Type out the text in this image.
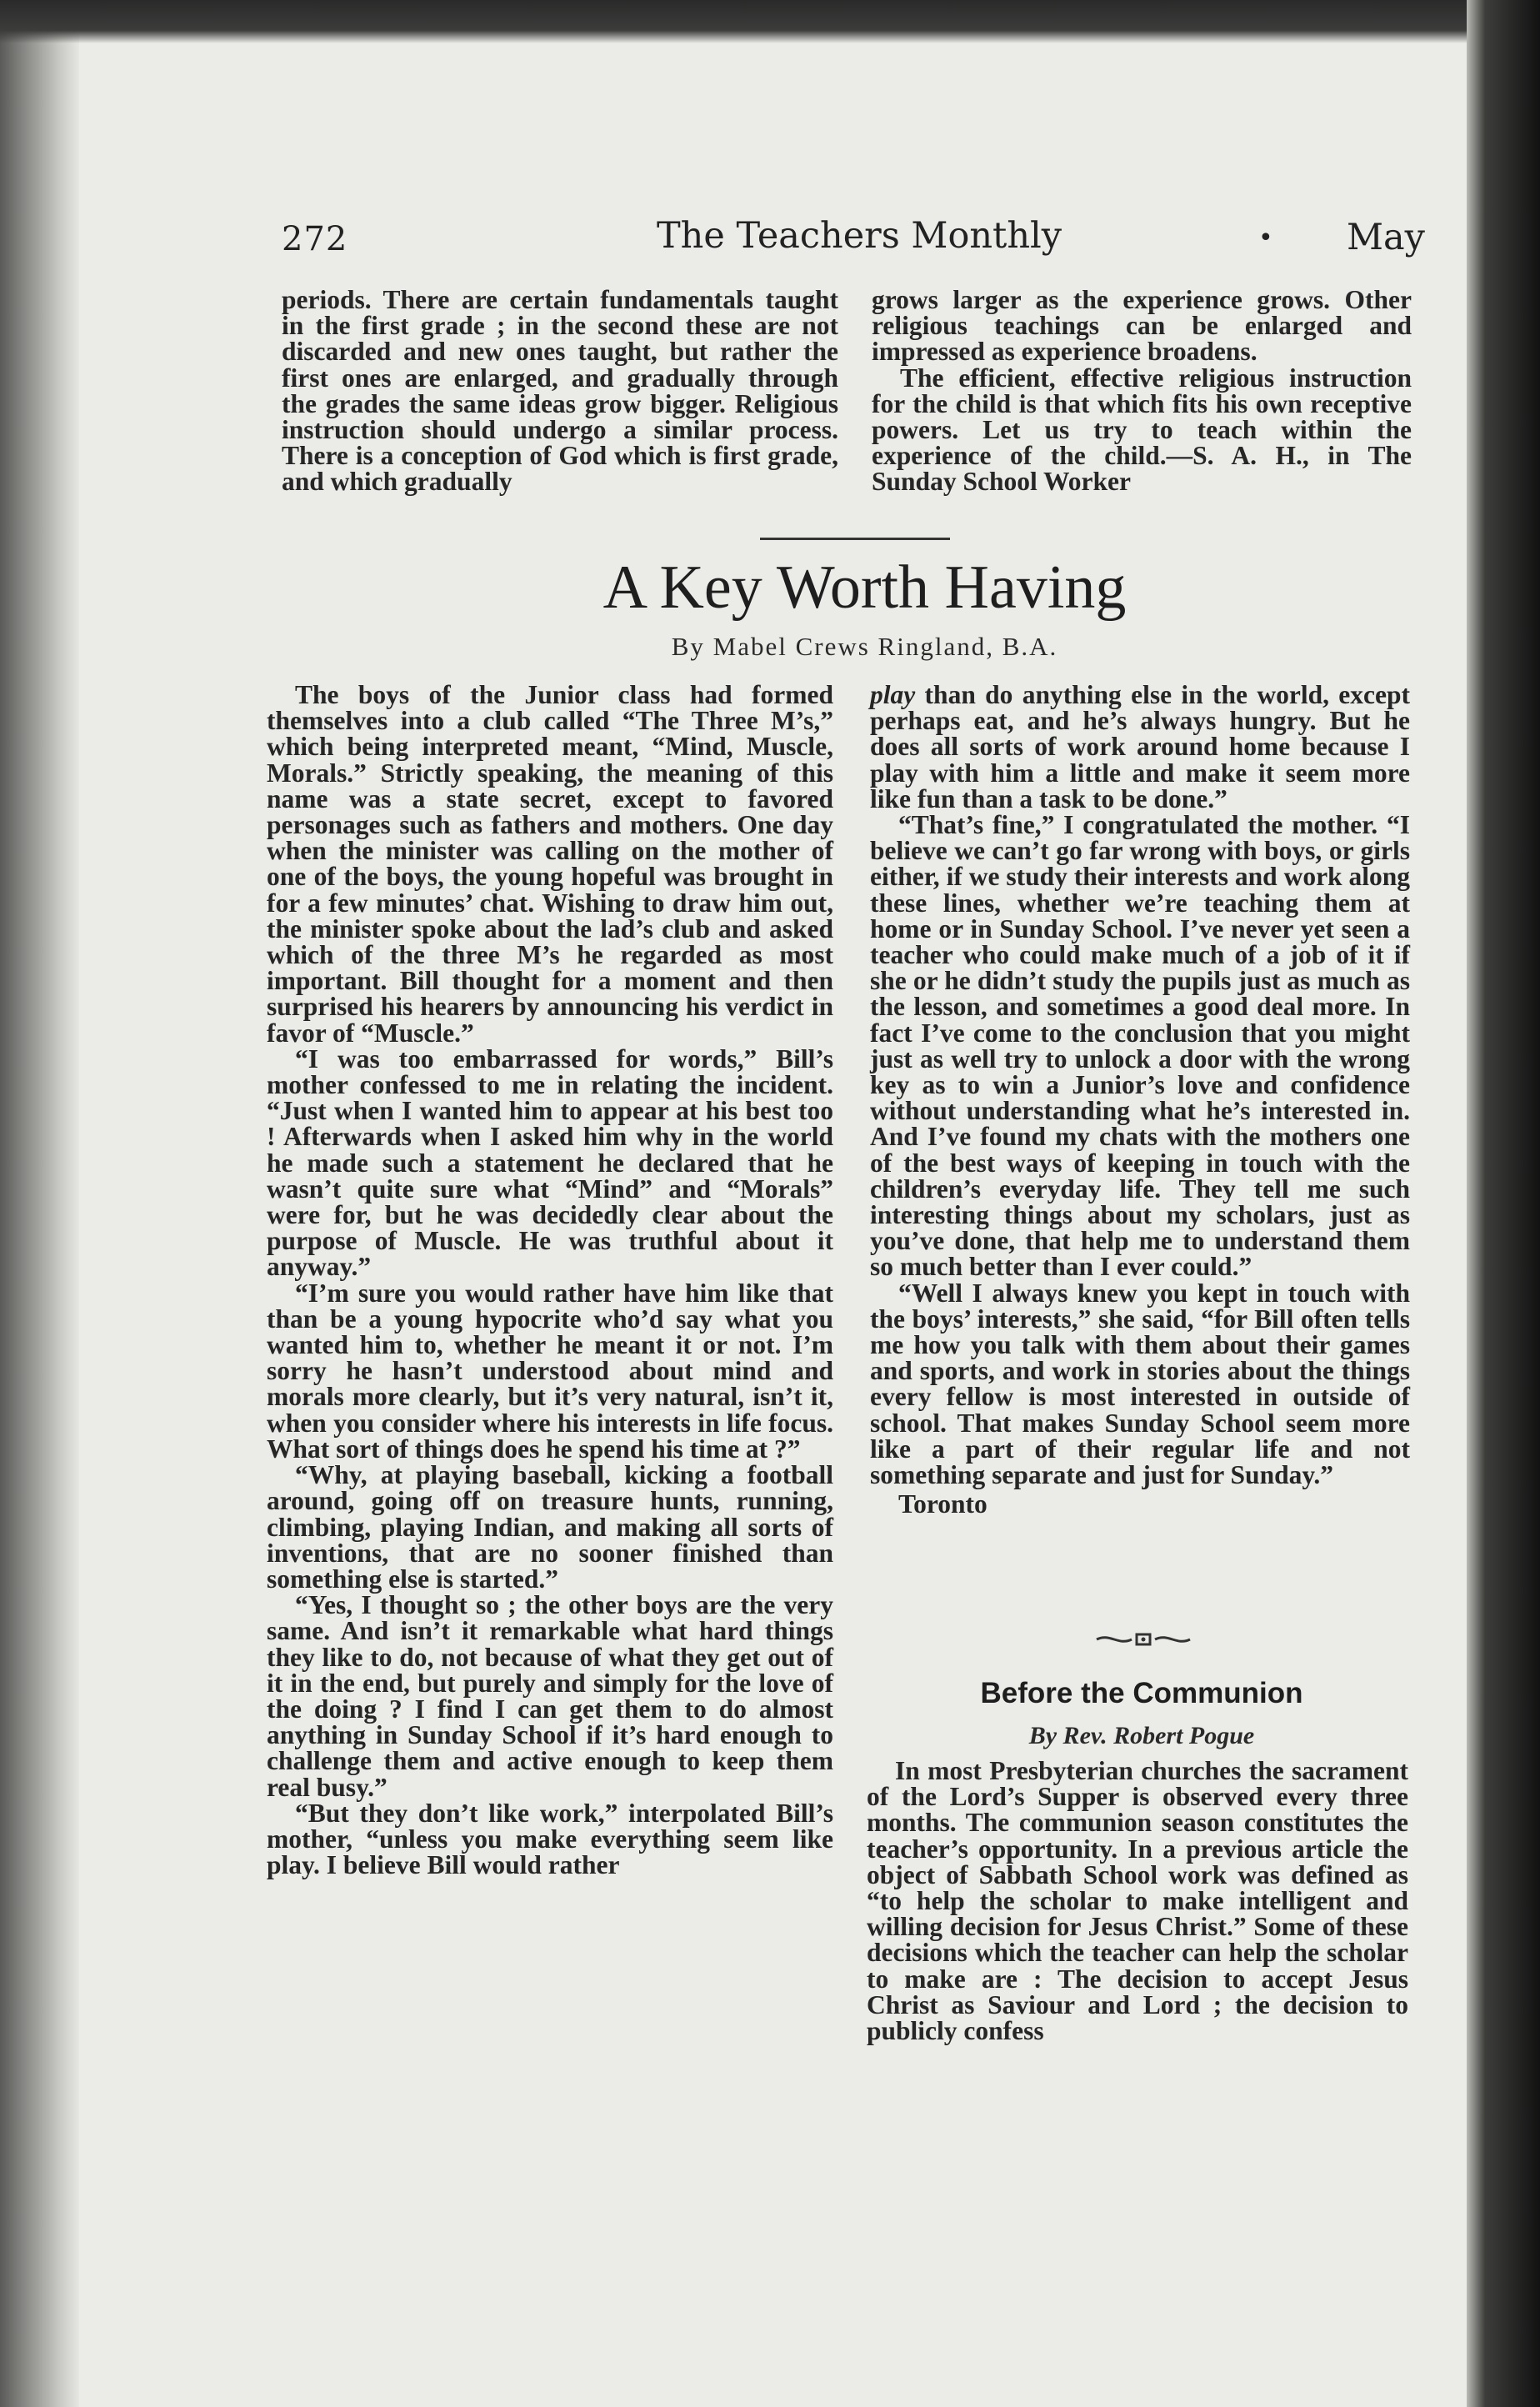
272	The Teachers Monthly	• May

periods. There are certain fundamentals taught in the first grade ; in the second these are not discarded and new ones taught, but rather the first ones are enlarged, and gradually through the grades the same ideas grow bigger. Religious instruction should undergo a similar process. There is a conception of God which is first grade, and which gradually

grows larger as the experience grows. Other religious teachings can be enlarged and impressed as experience broadens.

The efficient, effective religious instruction for the child is that which fits his own receptive powers. Let us try to teach within the experience of the child.—S. A. H., in The Sunday School Worker

A Key Worth Having
By Mabel Crews Ringland, B.A.

The boys of the Junior class had formed themselves into a club called “The Three M’s,” which being interpreted meant, “Mind, Muscle, Morals.” Strictly speaking, the meaning of this name was a state secret, except to favored personages such as fathers and mothers. One day when the minister was calling on the mother of one of the boys, the young hopeful was brought in for a few minutes’ chat. Wishing to draw him out, the minister spoke about the lad’s club and asked which of the three M’s he regarded as most important. Bill thought for a moment and then surprised his hearers by announcing his verdict in favor of “Muscle.”

“I was too embarrassed for words,” Bill’s mother confessed to me in relating the incident. “Just when I wanted him to appear at his best too ! Afterwards when I asked him why in the world he made such a statement he declared that he wasn’t quite sure what “Mind” and “Morals” were for, but he was decidedly clear about the purpose of Muscle. He was truthful about it anyway.”

“I’m sure you would rather have him like that than be a young hypocrite who’d say what you wanted him to, whether he meant it or not. I’m sorry he hasn’t understood about mind and morals more clearly, but it’s very natural, isn’t it, when you consider where his interests in life focus. What sort of things does he spend his time at ?”

“Why, at playing baseball, kicking a football around, going off on treasure hunts, running, climbing, playing Indian, and making all sorts of inventions, that are no sooner finished than something else is started.”

“Yes, I thought so ; the other boys are the very same. And isn’t it remarkable what hard things they like to do, not because of what they get out of it in the end, but purely and simply for the love of the doing ? I find I can get them to do almost anything in Sunday School if it’s hard enough to challenge them and active enough to keep them real busy.”

“But they don’t like work,” interpolated Bill’s mother, “unless you make everything seem like play. I believe Bill would rather

play than do anything else in the world, except perhaps eat, and he’s always hungry. But he does all sorts of work around home because I play with him a little and make it seem more like fun than a task to be done.”

“That’s fine,” I congratulated the mother. “I believe we can’t go far wrong with boys, or girls either, if we study their interests and work along these lines, whether we’re teaching them at home or in Sunday School. I’ve never yet seen a teacher who could make much of a job of it if she or he didn’t study the pupils just as much as the lesson, and sometimes a good deal more. In fact I’ve come to the conclusion that you might just as well try to unlock a door with the wrong key as to win a Junior’s love and confidence without understanding what he’s interested in. And I’ve found my chats with the mothers one of the best ways of keeping in touch with the children’s everyday life. They tell me such interesting things about my scholars, just as you’ve done, that help me to understand them so much better than I ever could.”

“Well I always knew you kept in touch with the boys’ interests,” she said, “for Bill often tells me how you talk with them about their games and sports, and work in stories about the things every fellow is most interested in outside of school. That makes Sunday School seem more like a part of their regular life and not something separate and just for Sunday.”

Toronto

Before the Communion
By Rev. Robert Pogue

In most Presbyterian churches the sacrament of the Lord’s Supper is observed every three months. The communion season constitutes the teacher’s opportunity. In a previous article the object of Sabbath School work was defined as “to help the scholar to make intelligent and willing decision for Jesus Christ.” Some of these decisions which the teacher can help the scholar to make are : The decision to accept Jesus Christ as Saviour and Lord ; the decision to publicly confess
